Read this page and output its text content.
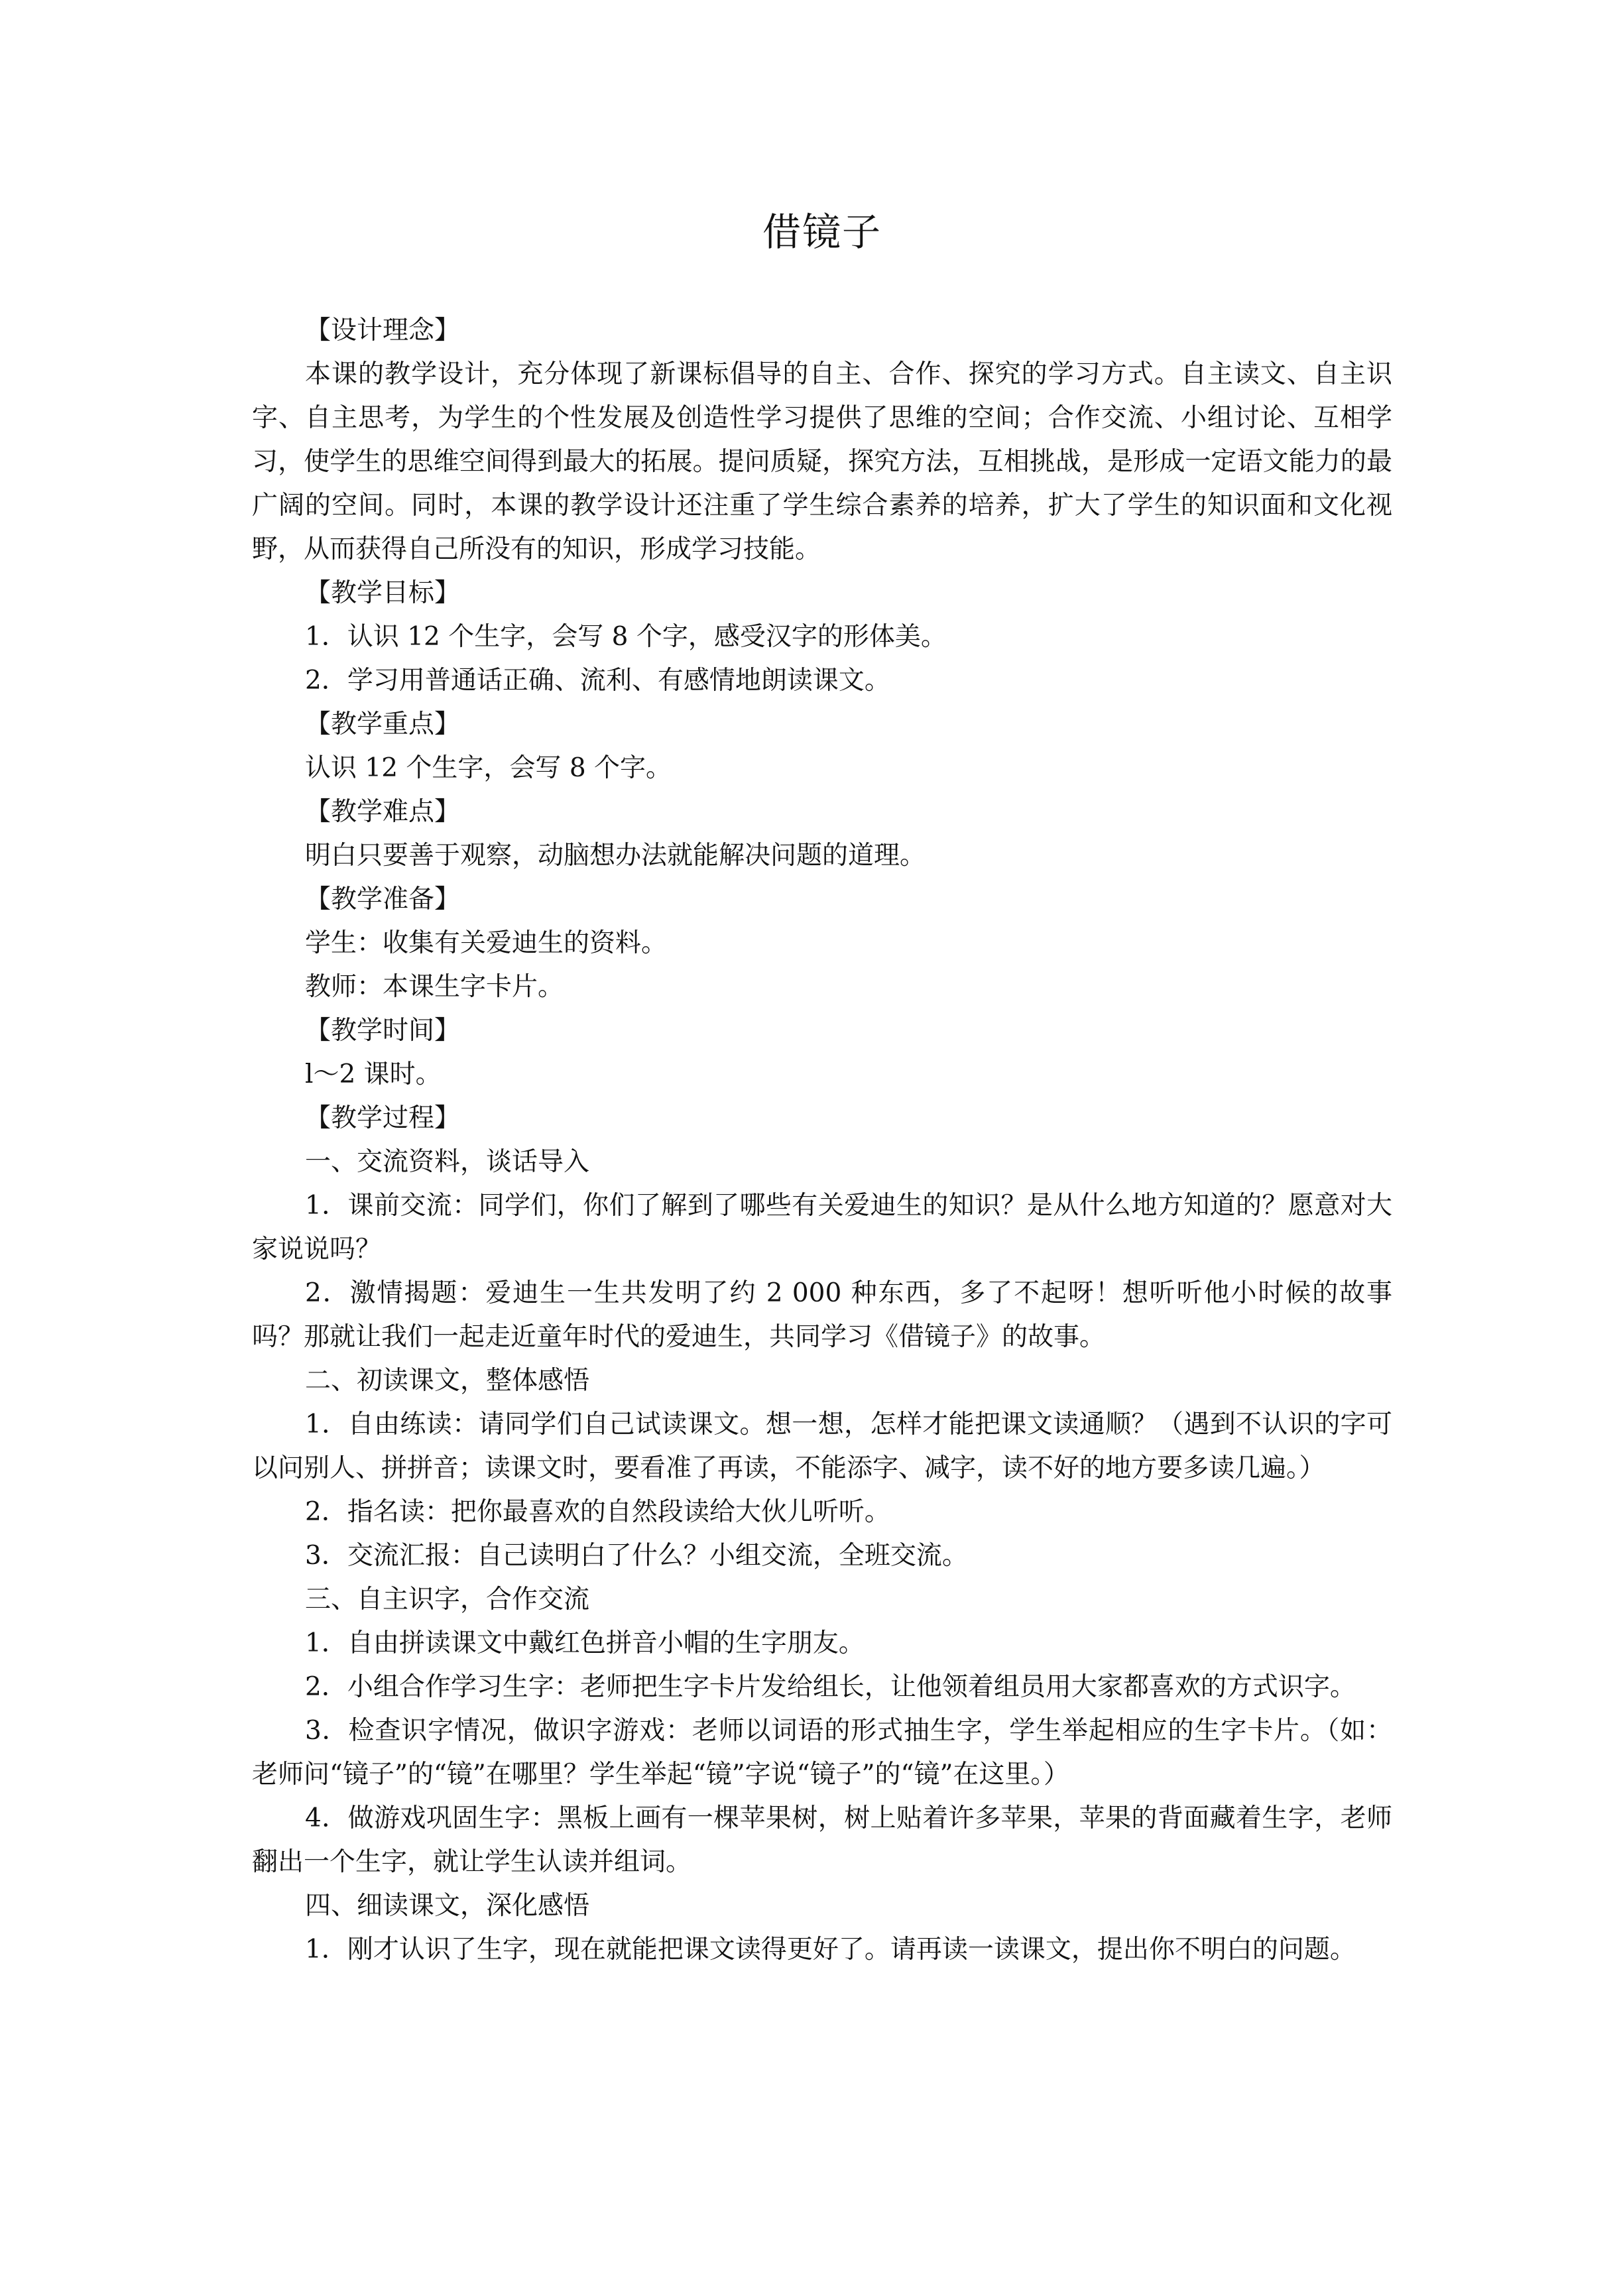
借镜子

【设计理念】

本课的教学设计，充分体现了新课标倡导的自主、合作、探究的学习方式。自主读文、自主识字、自主思考，为学生的个性发展及创造性学习提供了思维的空间；合作交流、小组讨论、互相学习，使学生的思维空间得到最大的拓展。提问质疑，探究方法，互相挑战，是形成一定语文能力的最广阔的空间。同时，本课的教学设计还注重了学生综合素养的培养，扩大了学生的知识面和文化视野，从而获得自己所没有的知识，形成学习技能。

【教学目标】

1．认识 12 个生字，会写 8 个字，感受汉字的形体美。

2．学习用普通话正确、流利、有感情地朗读课文。

【教学重点】

认识 12 个生字，会写 8 个字。

【教学难点】

明白只要善于观察，动脑想办法就能解决问题的道理。

【教学准备】

学生：收集有关爱迪生的资料。

教师：本课生字卡片。

【教学时间】

l～2 课时。

【教学过程】

一、交流资料，谈话导入

1．课前交流：同学们，你们了解到了哪些有关爱迪生的知识？是从什么地方知道的？愿意对大家说说吗？

2．激情揭题：爱迪生一生共发明了约 2 000 种东西，多了不起呀！想听听他小时候的故事吗？那就让我们一起走近童年时代的爱迪生，共同学习《借镜子》的故事。

二、初读课文，整体感悟

1．自由练读：请同学们自己试读课文。想一想，怎样才能把课文读通顺？（遇到不认识的字可以问别人、拼拼音；读课文时，要看准了再读，不能添字、减字，读不好的地方要多读几遍。）

2．指名读：把你最喜欢的自然段读给大伙儿听听。

3．交流汇报：自己读明白了什么？小组交流，全班交流。

三、自主识字，合作交流

1．自由拼读课文中戴红色拼音小帽的生字朋友。

2．小组合作学习生字：老师把生字卡片发给组长，让他领着组员用大家都喜欢的方式识字。

3．检查识字情况，做识字游戏：老师以词语的形式抽生字，学生举起相应的生字卡片。（如：老师问“镜子”的“镜”在哪里？学生举起“镜”字说“镜子”的“镜”在这里。）

4．做游戏巩固生字：黑板上画有一棵苹果树，树上贴着许多苹果，苹果的背面藏着生字，老师翻出一个生字，就让学生认读并组词。

四、细读课文，深化感悟

1．刚才认识了生字，现在就能把课文读得更好了。请再读一读课文，提出你不明白的问题。
